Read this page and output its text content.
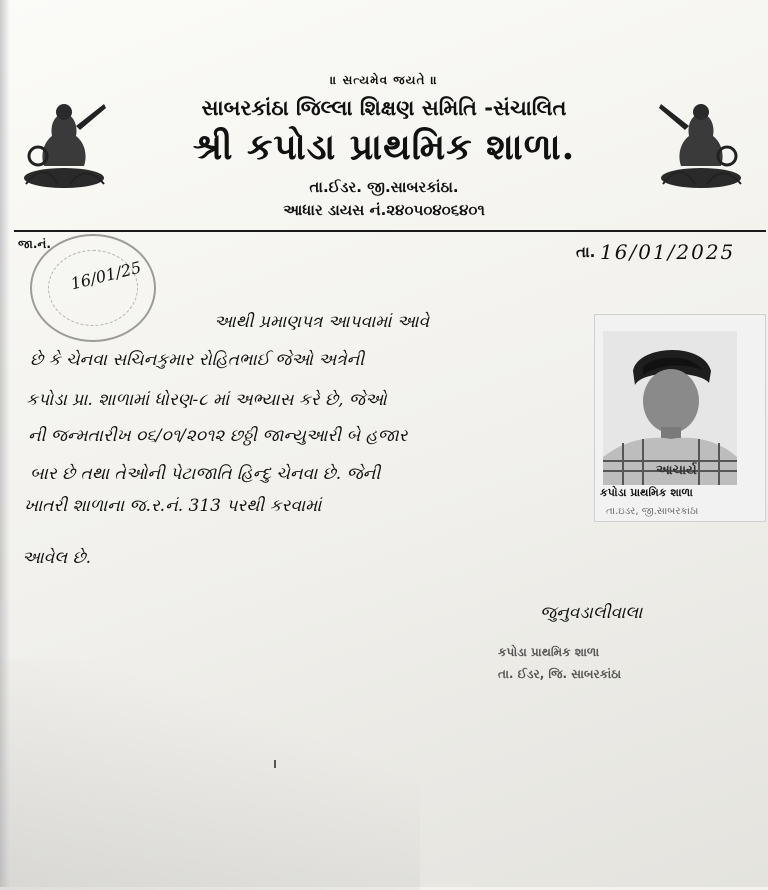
॥ સત્યમેવ જયતે ॥
સાબરકાંઠા જિલ્લા શિક્ષણ સમિતિ -સંચાલિત
શ્રી કપોડા પ્રાથમિક શાળા.
તા.ઈડર. જી.સાબરકાંઠા.
આધાર ડાયસ નં.૨૪૦૫૦૪૦૬૪૦૧
જા.નં.
16/01/25
તા. 16/01/2025
આથી પ્રમાણપત્ર આપવામાં આવે
છે કે ચેનવા સચિનકુમાર રોહિતભાઈ જેઓ અત્રેની
કપોડા પ્રા. શાળામાં ધોરણ-૮ માં અભ્યાસ કરે છે, જેઓ
ની જન્મતારીખ ૦૬/૦૧/૨૦૧૨ છઠ્ઠી જાન્યુઆરી બે હજાર
બાર છે તથા તેઓની પેટાજાતિ હિન્દુ ચેનવા છે. જેની
ખાતરી શાળાના જ.ર.નં. 313 પરથી કરવામાં
આવેલ છે.
આચાર્ય
કપોડા પ્રાથમિક શાળા
તા.ઇડર, જી.સાબરકાંઠા
જુનુવડાલીવાલા
કપોડા પ્રાથમિક શાળા
તા. ઈડર, જિ. સાબરકાંઠા
